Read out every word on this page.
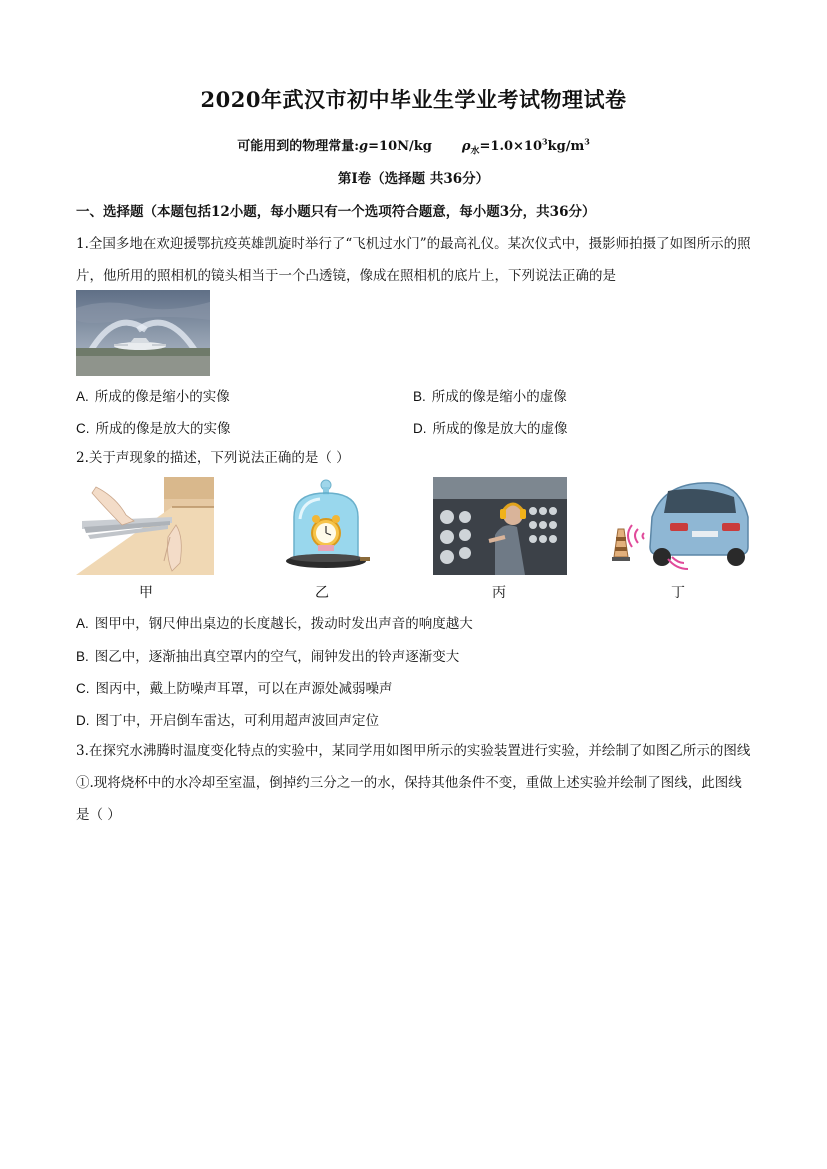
2020年武汉市初中毕业生学业考试物理试卷
可能用到的物理常量:g=10N/kg $\rho_水=1.0\times 10^3kg/m^3$
第Ⅰ卷（选择题 共36分）
一、选择题（本题包括12小题，每小题只有一个选项符合题意，每小题3分，共36分）
1.全国多地在欢迎援鄂抗疫英雄凯旋时举行了“飞机过水门”的最高礼仪。某次仪式中，摄影师拍摄了如图所示的照片，他所用的照相机的镜头相当于一个凸透镜，像成在照相机的底片上，下列说法正确的是
A. 所成的像是缩小的实像	B. 所成的像是缩小的虚像
C. 所成的像是放大的实像	D. 所成的像是放大的虚像
2.关于声现象的描述，下列说法正确的是（ ）
甲	乙	丙	丁
A. 图甲中，钢尺伸出桌边的长度越长，拨动时发出声音的响度越大
B. 图乙中，逐渐抽出真空罩内的空气，闹钟发出的铃声逐渐变大
C. 图丙中，戴上防噪声耳罩，可以在声源处减弱噪声
D. 图丁中，开启倒车雷达，可利用超声波回声定位
3.在探究水沸腾时温度变化特点的实验中，某同学用如图甲所示的实验装置进行实验，并绘制了如图乙所示的图线①.现将烧杯中的水冷却至室温，倒掉约三分之一的水，保持其他条件不变，重做上述实验并绘制了图线，此图线是（ ）
